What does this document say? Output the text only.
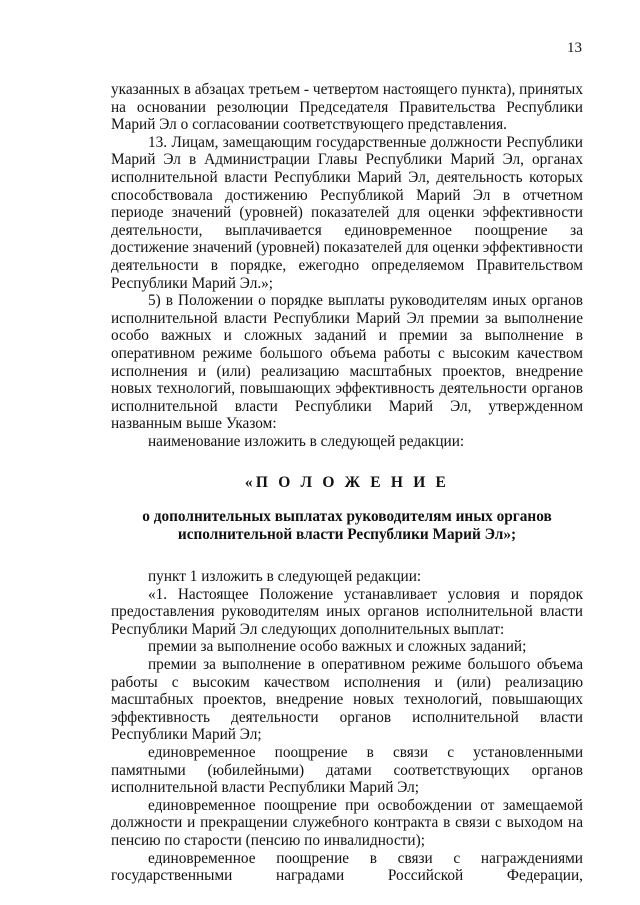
13

указанных в абзацах третьем - четвертом настоящего пункта), принятых на основании резолюции Председателя Правительства Республики Марий Эл о согласовании соответствующего представления.

13. Лицам, замещающим государственные должности Республики Марий Эл в Администрации Главы Республики Марий Эл, органах исполнительной власти Республики Марий Эл, деятельность которых способствовала достижению Республикой Марий Эл в отчетном периоде значений (уровней) показателей для оценки эффективности деятельности, выплачивается единовременное поощрение за достижение значений (уровней) показателей для оценки эффективности деятельности в порядке, ежегодно определяемом Правительством Республики Марий Эл.»;

5) в Положении о порядке выплаты руководителям иных органов исполнительной власти Республики Марий Эл премии за выполнение особо важных и сложных заданий и премии за выполнение в оперативном режиме большого объема работы с высоким качеством исполнения и (или) реализацию масштабных проектов, внедрение новых технологий, повышающих эффективность деятельности органов исполнительной власти Республики Марий Эл, утвержденном названным выше Указом:

наименование изложить в следующей редакции:

«П О Л О Ж Е Н И Е
о дополнительных выплатах руководителям иных органов исполнительной власти Республики Марий Эл»;

пункт 1 изложить в следующей редакции:

«1. Настоящее Положение устанавливает условия и порядок предоставления руководителям иных органов исполнительной власти Республики Марий Эл следующих дополнительных выплат:

премии за выполнение особо важных и сложных заданий;

премии за выполнение в оперативном режиме большого объема работы с высоким качеством исполнения и (или) реализацию масштабных проектов, внедрение новых технологий, повышающих эффективность деятельности органов исполнительной власти Республики Марий Эл;

единовременное поощрение в связи с установленными памятными (юбилейными) датами соответствующих органов исполнительной власти Республики Марий Эл;

единовременное поощрение при освобождении от замещаемой должности и прекращении служебного контракта в связи с выходом на пенсию по старости (пенсию по инвалидности);

единовременное поощрение в связи с награждениями государственными наградами Российской Федерации,
